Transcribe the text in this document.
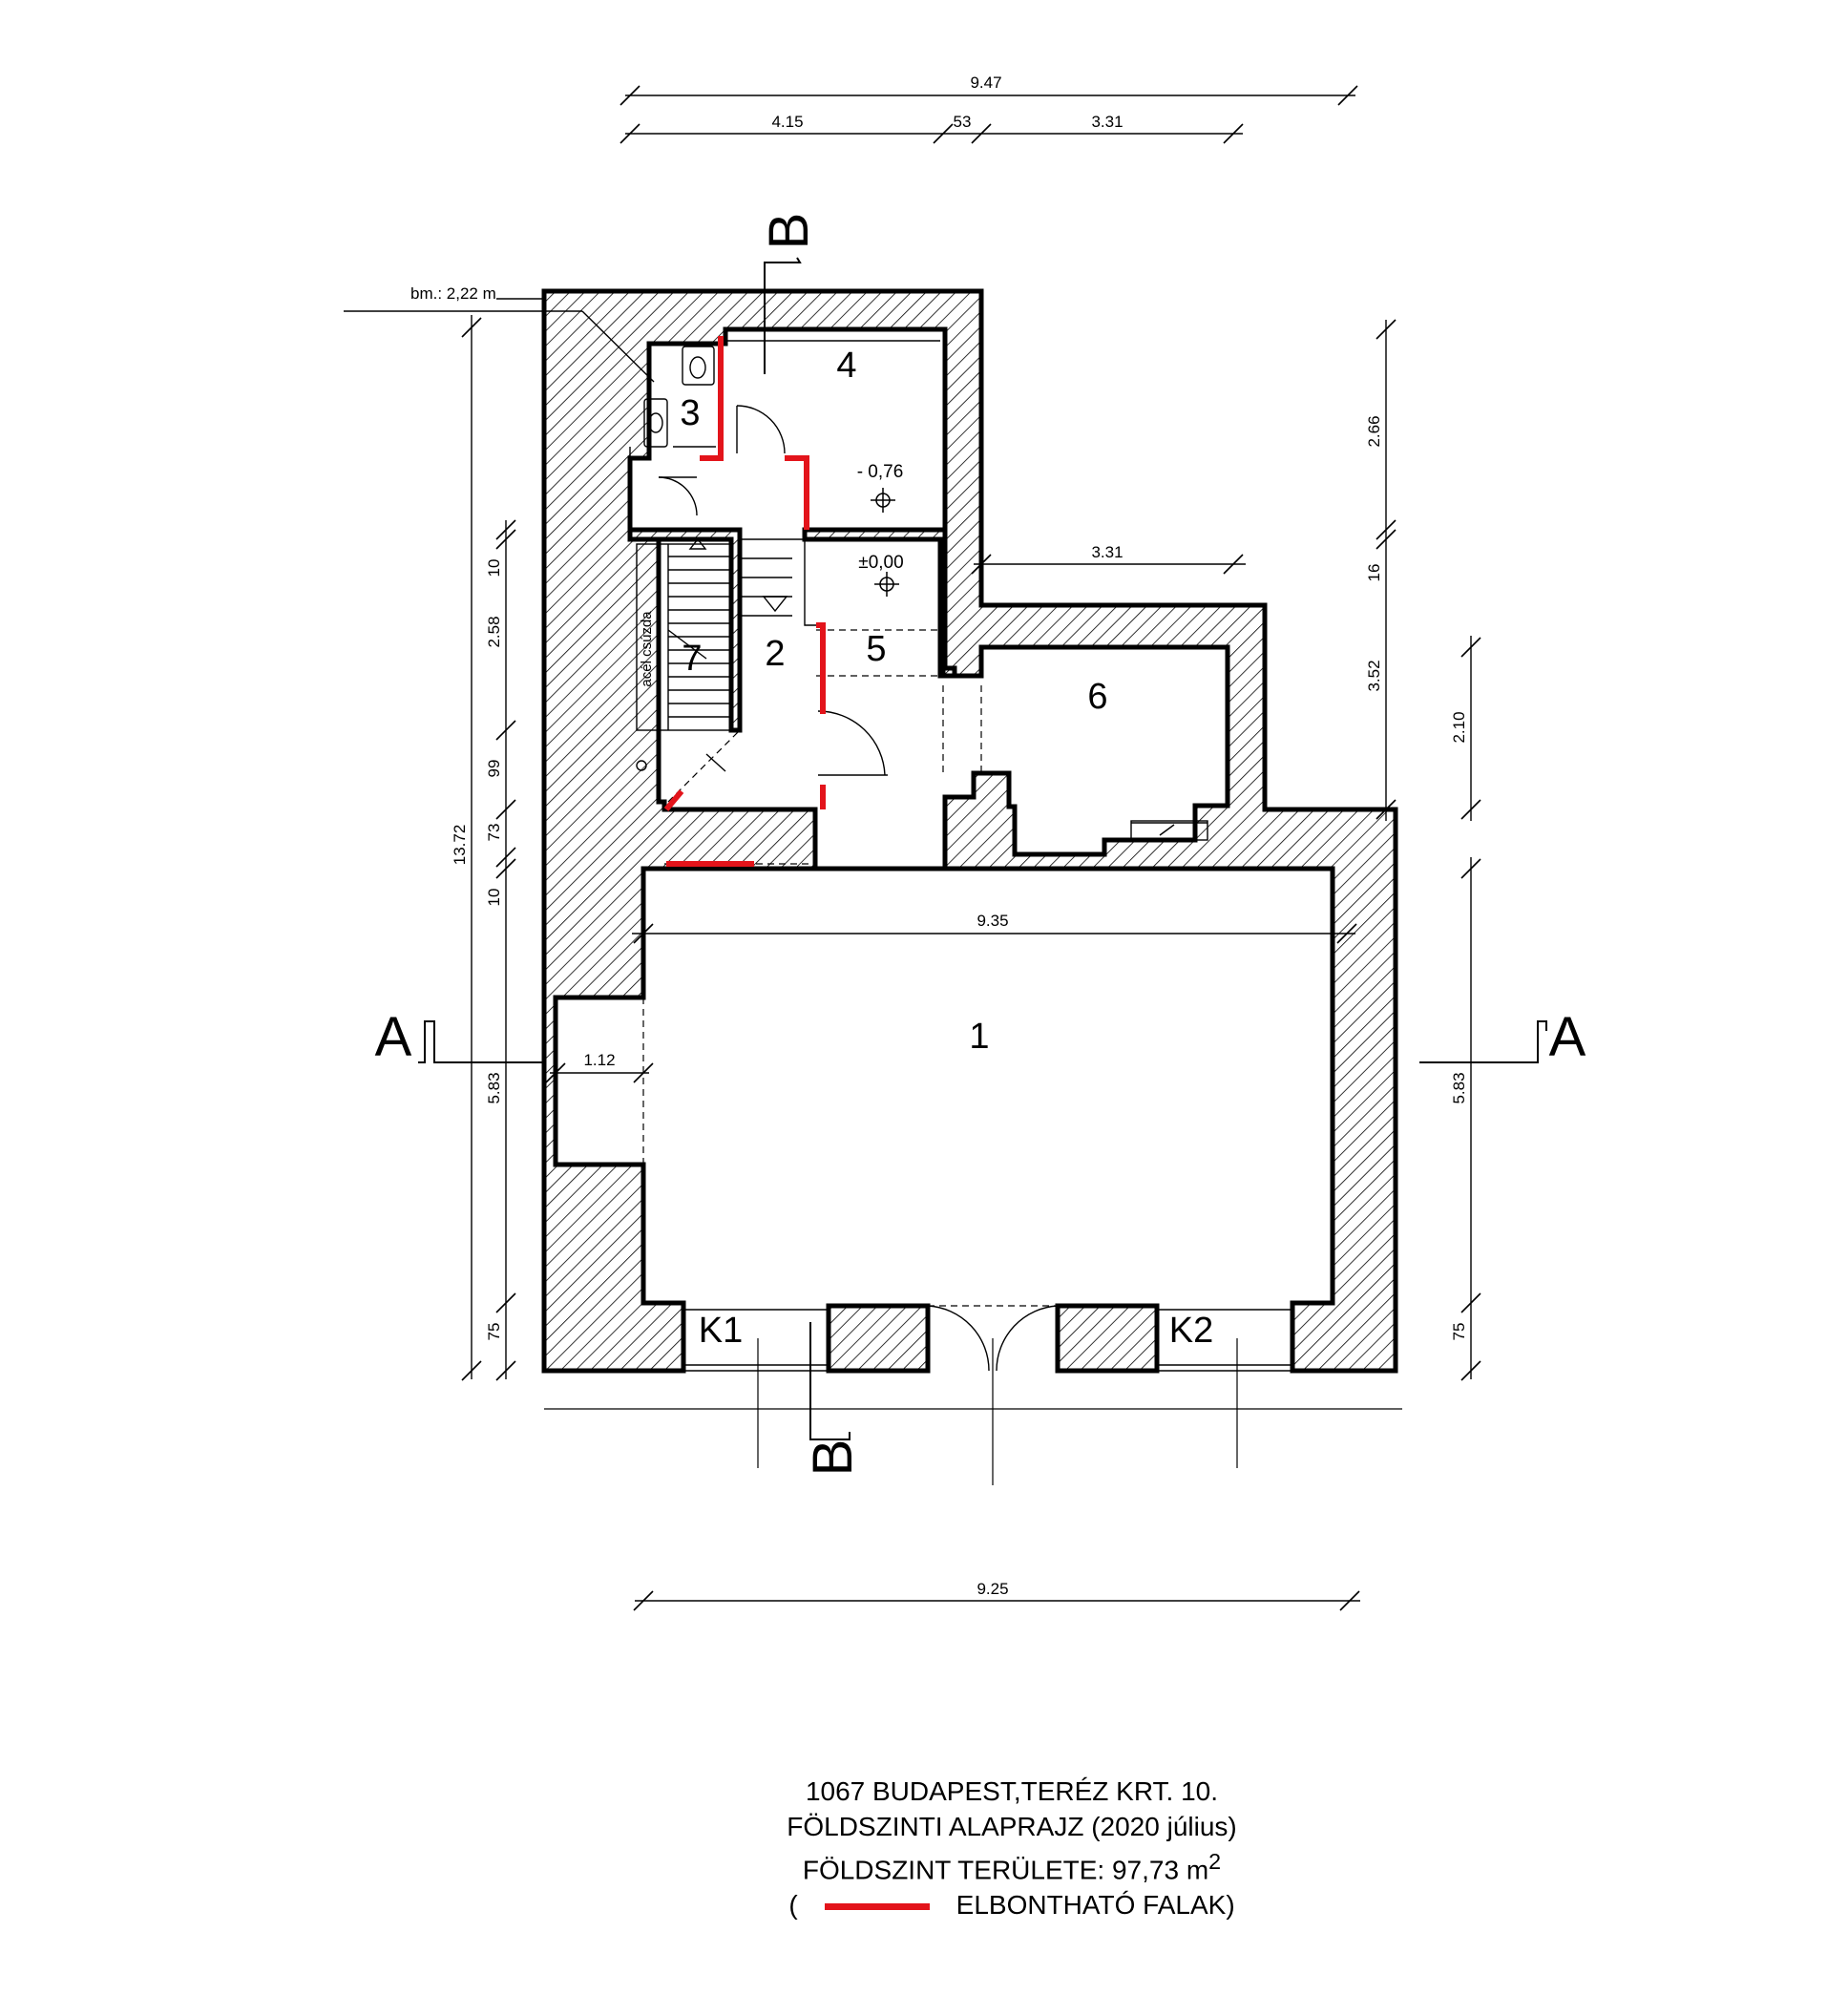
9.47
4.15	53	3.31
3.31
9.35
1.12
9.25
bm.: 2,22 m
13.72
10
2.58
99
73
10
5.83
75
2.66
16
3.52
2.10
5.83
75
- 0,76
±0,00
acél csúzda
4
3
2 5
6
7
1
K1	K2
A	A
B
B
1067 BUDAPEST,TERÉZ KRT. 10.
FÖLDSZINTI ALAPRAJZ (2020 július)
FÖLDSZINT TERÜLETE: 97,73 $m^2$
(	ELBONTHATÓ FALAK)
